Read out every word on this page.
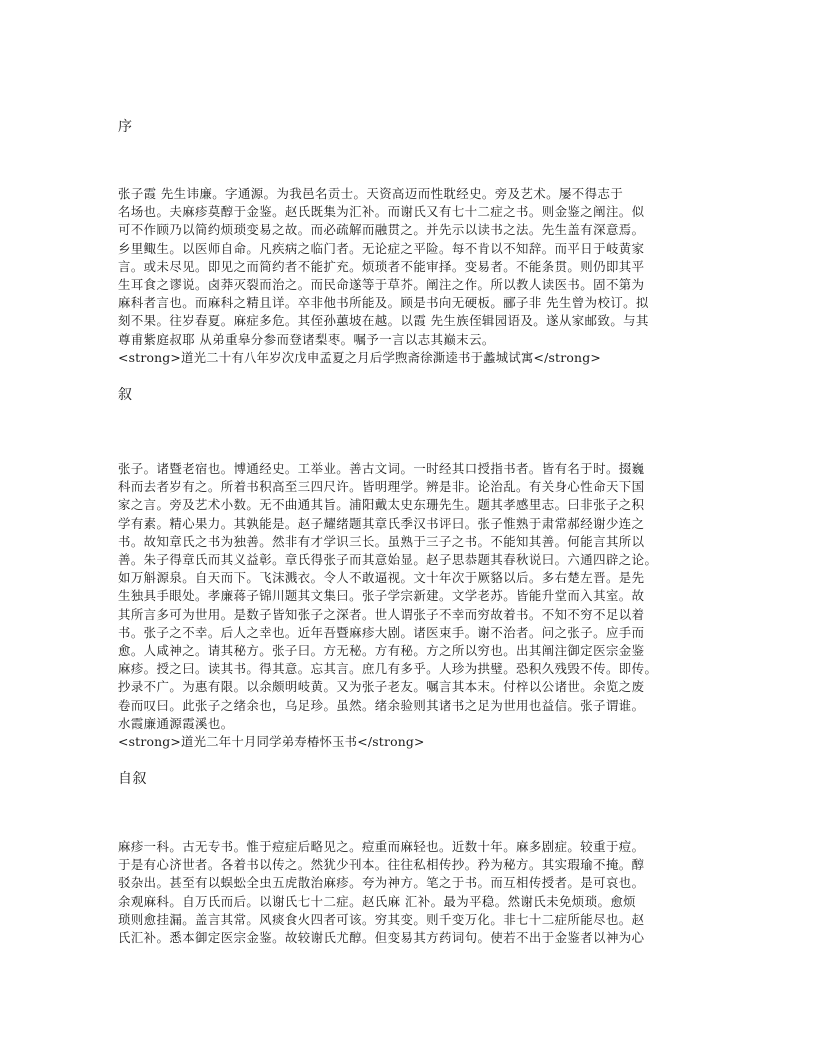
序
张子霞 先生讳廉。字通源。为我邑名贡士。天资高迈而性耽经史。旁及艺术。屡不得志于
名场也。夫麻疹莫醇于金鉴。赵氏既集为汇补。而谢氏又有七十二症之书。则金鉴之阐注。似
可不作顾乃以简约烦琐变易之故。而必疏解而融贯之。并先示以读书之法。先生盖有深意焉。
乡里鲰生。以医师自命。凡疾病之临门者。无论症之平险。每不肯以不知辞。而平日于岐黄家
言。或未尽见。即见之而简约者不能扩充。烦琐者不能审择。变易者。不能条贯。则仍即其平
生耳食之谬说。卤莽灭裂而治之。而民命遂等于草芥。阐注之作。所以教人读医书。固不第为
麻科者言也。而麻科之精且详。卒非他书所能及。顾是书向无硬板。郦子非 先生曾为校订。拟
刻不果。往岁春夏。麻症多危。其侄孙蕙坡在越。以霞 先生族侄辑园语及。遂从家邮致。与其
尊甫紫庭叔耶 从弟重皋分参而登诸梨枣。嘱予一言以志其巅末云。
<strong>道光二十有八年岁次戊申孟夏之月后学煦斋徐澌逵书于蠡城试寓</strong>
叙
张子。诸暨老宿也。博通经史。工举业。善古文词。一时经其口授指书者。皆有名于时。掇巍
科而去者岁有之。所着书积高至三四尺许。皆明理学。辨是非。论治乱。有关身心性命天下国
家之言。旁及艺术小数。无不曲通其旨。浦阳戴太史东珊先生。题其孝感里志。曰非张子之积
学有素。精心果力。其孰能是。赵子耀绪题其章氏季汉书评曰。张子惟熟于肃常郝经谢少连之
书。故知章氏之书为独善。然非有才学识三长。虽熟于三子之书。不能知其善。何能言其所以
善。朱子得章氏而其义益彰。章氏得张子而其意始显。赵子思恭题其春秋说曰。六通四辟之论。
如万斛源泉。自天而下。飞沫溅衣。令人不敢逼视。文十年次于厥貉以后。多右楚左晋。是先
生独具手眼处。孝廉蒋子锦川题其文集曰。张子学宗新建。文学老苏。皆能升堂而入其室。故
其所言多可为世用。是数子皆知张子之深者。世人谓张子不幸而穷故着书。不知不穷不足以着
书。张子之不幸。后人之幸也。近年吾暨麻疹大剧。诸医束手。谢不治者。问之张子。应手而
愈。人咸神之。请其秘方。张子曰。方无秘。方有秘。方之所以穷也。出其阐注御定医宗金鉴
麻疹。授之曰。读其书。得其意。忘其言。庶几有多乎。人珍为拱璧。恐积久残毁不传。即传。
抄录不广。为惠有限。以余颇明岐黄。又为张子老友。嘱言其本末。付梓以公诸世。余览之废
卷而叹曰。此张子之绪余也，乌足珍。虽然。绪余验则其诸书之足为世用也益信。张子谓谁。
水霞廉通源霞溪也。
<strong>道光二年十月同学弟寿椿怀玉书</strong>
自叙
麻疹一科。古无专书。惟于痘症后略见之。痘重而麻轻也。近数十年。麻多剧症。较重于痘。
于是有心济世者。各着书以传之。然犹少刊本。往往私相传抄。矜为秘方。其实瑕瑜不掩。醇
驳杂出。甚至有以蜈蚣全虫五虎散治麻疹。夸为神方。笔之于书。而互相传授者。是可哀也。
余观麻科。自万氏而后。以谢氏七十二症。赵氏麻 汇补。最为平稳。然谢氏未免烦琐。愈烦
琐则愈挂漏。盖言其常。风痰食火四者可该。穷其变。则千变万化。非七十二症所能尽也。赵
氏汇补。悉本御定医宗金鉴。故较谢氏尤醇。但变易其方药词句。使若不出于金鉴者以神为心
